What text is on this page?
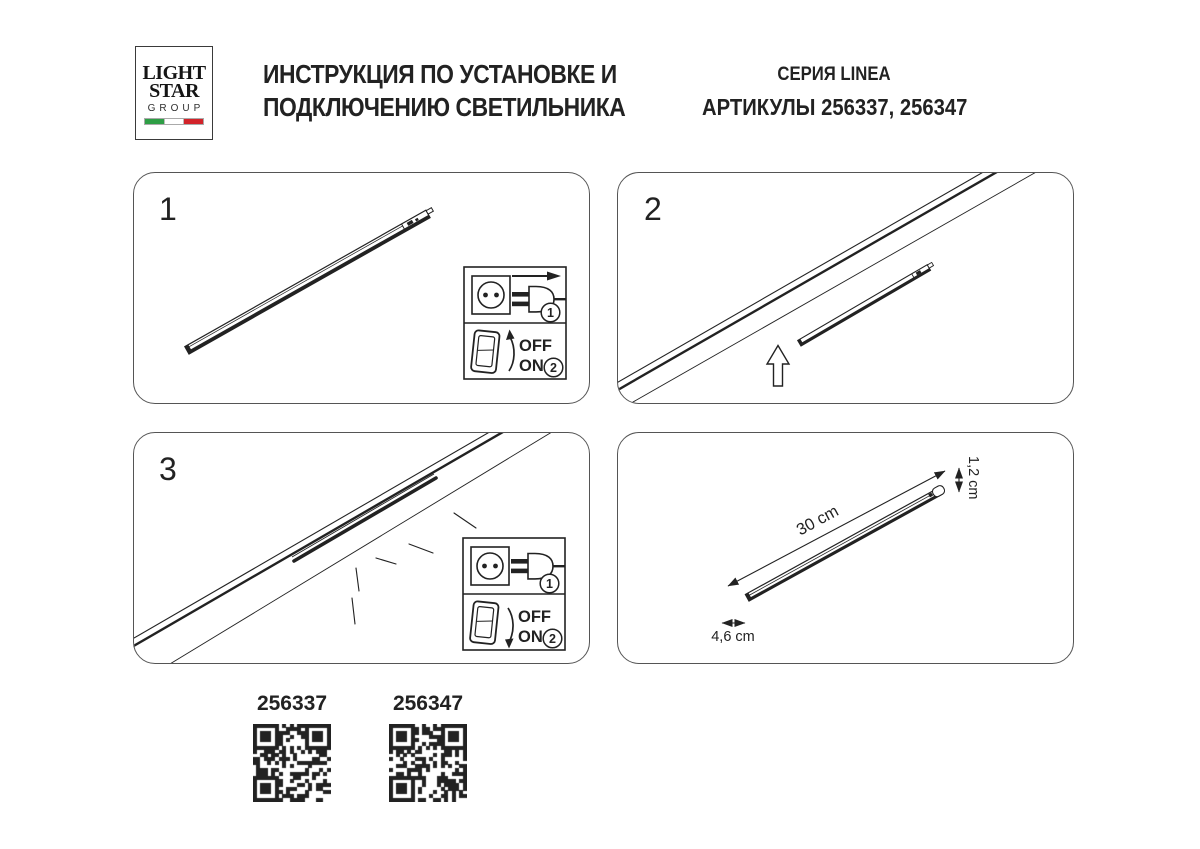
LIGHT
STAR
GROUP
ИНСТРУКЦИЯ ПО УСТАНОВКЕ И
ПОДКЛЮЧЕНИЮ СВЕТИЛЬНИКА
СЕРИЯ LINEA
АРТИКУЛЫ 256337, 256347
1
1
OFF
ON 2
2
3
1
OFF
ON 2
30 cm
1,2 cm
4,6 cm
256337	256347
